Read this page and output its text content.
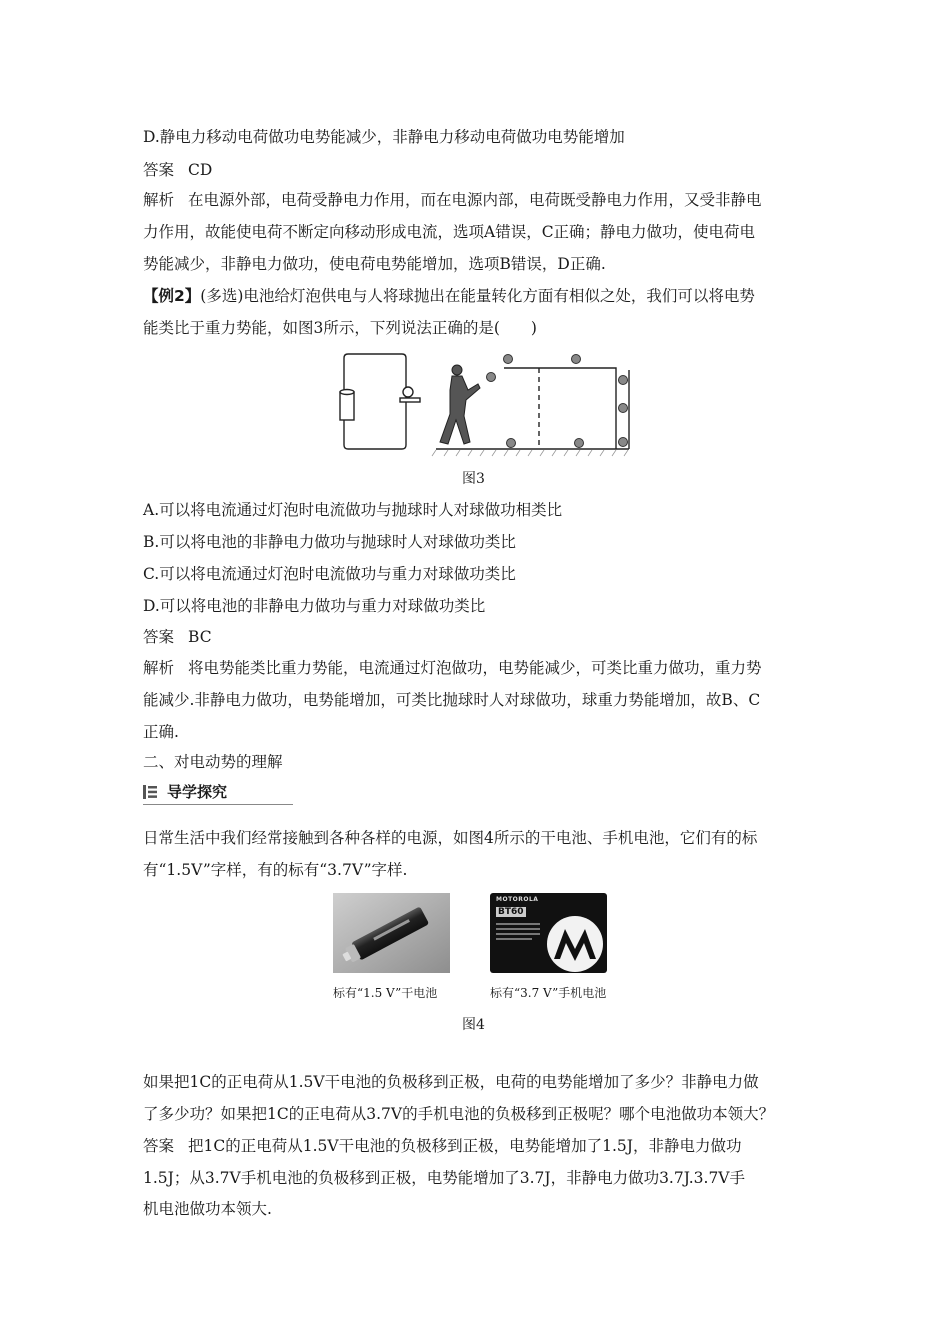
D.静电力移动电荷做功电势能减少，非静电力移动电荷做功电势能增加
答案 CD
解析 在电源外部，电荷受静电力作用，而在电源内部，电荷既受静电力作用，又受非静电
力作用，故能使电荷不断定向移动形成电流，选项A错误，C正确；静电力做功，使电荷电
势能减少，非静电力做功，使电荷电势能增加，选项B错误，D正确.
【例2】(多选)电池给灯泡供电与人将球抛出在能量转化方面有相似之处，我们可以将电势
能类比于重力势能，如图3所示，下列说法正确的是(　　)
图3
A.可以将电流通过灯泡时电流做功与抛球时人对球做功相类比
B.可以将电池的非静电力做功与抛球时人对球做功类比
C.可以将电流通过灯泡时电流做功与重力对球做功类比
D.可以将电池的非静电力做功与重力对球做功类比
答案 BC
解析 将电势能类比重力势能，电流通过灯泡做功，电势能减少，可类比重力做功，重力势
能减少.非静电力做功，电势能增加，可类比抛球时人对球做功，球重力势能增加，故B、C
正确.
二、对电动势的理解
导学探究
日常生活中我们经常接触到各种各样的电源，如图4所示的干电池、手机电池，它们有的标
有“1.5V”字样，有的标有“3.7V”字样.
标有“1.5 V”干电池
MOTOROLA
BT60
标有“3.7 V”手机电池
图4
如果把1C的正电荷从1.5V干电池的负极移到正极，电荷的电势能增加了多少？非静电力做
了多少功？如果把1C的正电荷从3.7V的手机电池的负极移到正极呢？哪个电池做功本领大？
答案 把1C的正电荷从1.5V干电池的负极移到正极，电势能增加了1.5J，非静电力做功
1.5J；从3.7V手机电池的负极移到正极，电势能增加了3.7J，非静电力做功3.7J.3.7V手
机电池做功本领大.
